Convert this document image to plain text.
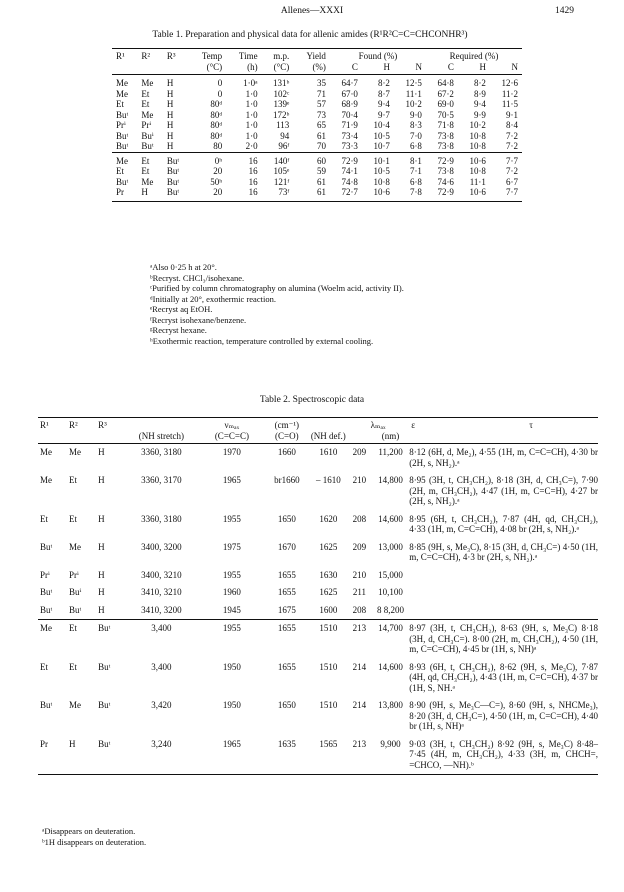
Allenes—XXXI	1429
Table 1. Preparation and physical data for allenic amides (R¹R²C=C=CHCONHR³)
R¹	R²	R³	Temp	Time	m.p.	Yield	Found (%)			Required (%)		
			(°C)	(h)	(°C)	(%)	C	H	N	C	H	N
Me	Me	H	0	1·0ᵃ	131ᵇ	35	64·7	8·2	12·5	64·8	8·2	12·6
Me	Et	H	0	1·0	102ᶜ	71	67·0	8·7	11·1	67·2	8·9	11·2
Et	Et	H	80ᵈ	1·0	139ᵉ	57	68·9	9·4	10·2	69·0	9·4	11·5
Buᵗ	Me	H	80ᵈ	1·0	172ᵇ	73	70·4	9·7	9·0	70·5	9·9	9·1
Prⁱ	Prⁱ	H	80ᵈ	1·0	113	65	71·9	10·4	8·3	71·8	10·2	8·4
Buᵗ	Buⁱ	H	80ᵈ	1·0	94	61	73·4	10·5	7·0	73·8	10·8	7·2
Buᵗ	Buᵗ	H	80	2·0	96ᶠ	70	73·3	10·7	6·8	73·8	10·8	7·2
Me	Et	Buᵗ	0ʰ	16	140ᶠ	60	72·9	10·1	8·1	72·9	10·6	7·7
Et	Et	Buᵗ	20	16	105ᵉ	59	74·1	10·5	7·1	73·8	10·8	7·2
Buᵗ	Me	Buᵗ	50ʰ	16	121ᶠ	61	74·8	10·8	6·8	74·6	11·1	6·7
Pr	H	Buᵗ	20	16	73ᶠ	61	72·7	10·6	7·8	72·9	10·6	7·7
ᵃAlso 0·25 h at 20°.
ᵇRecryst. CHCl₃/isohexane.
ᶜPurified by column chromatography on alumina (Woelm acid, activity II).
ᵈInitially at 20°, exothermic reaction.
ᵉRecryst aq EtOH.
ᶠRecryst isohexane/benzene.
ᵍRecryst hexane.
ʰExothermic reaction, temperature controlled by external cooling.
Table 2. Spectroscopic data
R¹	R²	R³		νₘₐₓ	(cm⁻¹)		λₘₐₓ		ε τ

			(NH stretch)	(C=C=C)	(C=O)	(NH def.)		(nm)	
Me	Me	H	3360, 3180	1970	1660	1610	209	11,200	8·12 (6H, d, Me₂), 4·55 (1H, m, C=C=CH), 4·30 br (2H, s, NH₂).ᵃ
Me	Et	H	3360, 3170	1965	br1660	– 1610	210	14,800	8·95 (3H, t, CH₃CH₂), 8·18 (3H, d, CH₃C=), 7·90 (2H, m, CH₃CH₂), 4·47 (1H, m, C=C=H), 4·27 br (2H, s, NH₂).ᵃ
Et	Et	H	3360, 3180	1955	1650	1620	208	14,600	8·95 (6H, t, CH₃CH₂), 7·87 (4H, qd, CH₃CH₂), 4·33 (1H, m, C=C=CH), 4·08 br (2H, s, NH₂).ᵃ
Buᵗ	Me	H	3400, 3200	1975	1670	1625	209	13,000	8·85 (9H, s, Me₃C), 8·15 (3H, d, CH₃C=) 4·50 (1H, m, C=C=CH), 4·3 br (2H, s, NH₂).ᵃ
Prⁱ	Prⁱ	H	3400, 3210	1955	1655	1630	210	15,000	
Buᵗ	Buⁱ	H	3410, 3210	1960	1655	1625	211	10,100	
Buᵗ	Buᵗ	H	3410, 3200	1945	1675	1600	208	8 8,200	
Me	Et	Buᵗ	3,400	1955	1655	1510	213	14,700	8·97 (3H, t, CH₃CH₂), 8·63 (9H, s, Me₃C) 8·18 (3H, d, CH₃C=). 8·00 (2H, m, CH₃CH₂), 4·50 (1H, m, C=C=CH), 4·45 br (1H, s, NH)ᵃ
Et	Et	Buᵗ	3,400	1950	1655	1510	214	14,600	8·93 (6H, t, CH₃CH₂), 8·62 (9H, s, Me₃C), 7·87 (4H, qd, CH₃CH₂), 4·43 (1H, m, C=C=CH), 4·37 br (1H, S, NH.ᵃ
Buᵗ	Me	Buᵗ	3,420	1950	1650	1510	214	13,800	8·90 (9H, s, Me₃C—C=), 8·60 (9H, s, NHCMe₃), 8·20 (3H, d, CH₃C=), 4·50 (1H, m, C=C=CH), 4·40 br (1H, s, NH)ᵃ
Pr	H	Buᵗ	3,240	1965	1635	1565	213	9,900	9·03 (3H, t, CH₃CH₂) 8·92 (9H, s, Me₃C) 8·48–7·45 (4H, m, CH₃CH₂), 4·33 (3H, m, CHCH=, =CHCO, —NH).ᵇ
ᵃDisappears on deuteration.
ᵇ1H disappears on deuteration.
